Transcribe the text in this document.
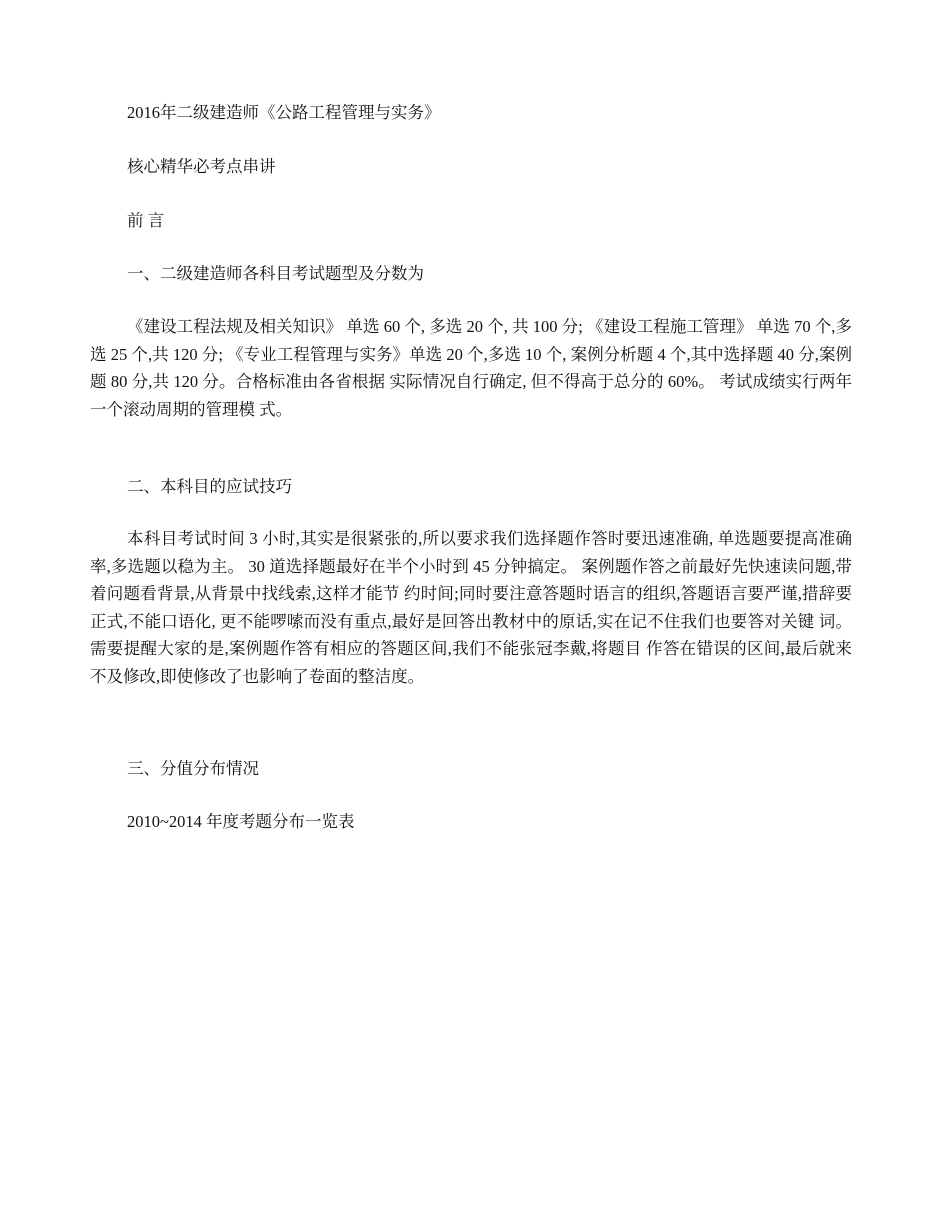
2016年二级建造师《公路工程管理与实务》
核心精华必考点串讲
前 言
一、二级建造师各科目考试题型及分数为
《建设工程法规及相关知识》 单选 60 个, 多选 20 个, 共 100 分; 《建设工程施工管理》 单选 70 个,多选 25 个,共 120 分; 《专业工程管理与实务》单选 20 个,多选 10 个, 案例分析题 4 个,其中选择题 40 分,案例题 80 分,共 120 分。合格标准由各省根据 实际情况自行确定, 但不得高于总分的 60%。 考试成绩实行两年一个滚动周期的管理模 式。
二、本科目的应试技巧
本科目考试时间 3 小时,其实是很紧张的,所以要求我们选择题作答时要迅速准确, 单选题要提高准确率,多选题以稳为主。 30 道选择题最好在半个小时到 45 分钟搞定。 案例题作答之前最好先快速读问题,带着问题看背景,从背景中找线索,这样才能节 约时间;同时要注意答题时语言的组织,答题语言要严谨,措辞要正式,不能口语化, 更不能啰嗦而没有重点,最好是回答出教材中的原话,实在记不住我们也要答对关键 词。需要提醒大家的是,案例题作答有相应的答题区间,我们不能张冠李戴,将题目 作答在错误的区间,最后就来不及修改,即使修改了也影响了卷面的整洁度。
三、分值分布情况
2010~2014 年度考题分布一览表
